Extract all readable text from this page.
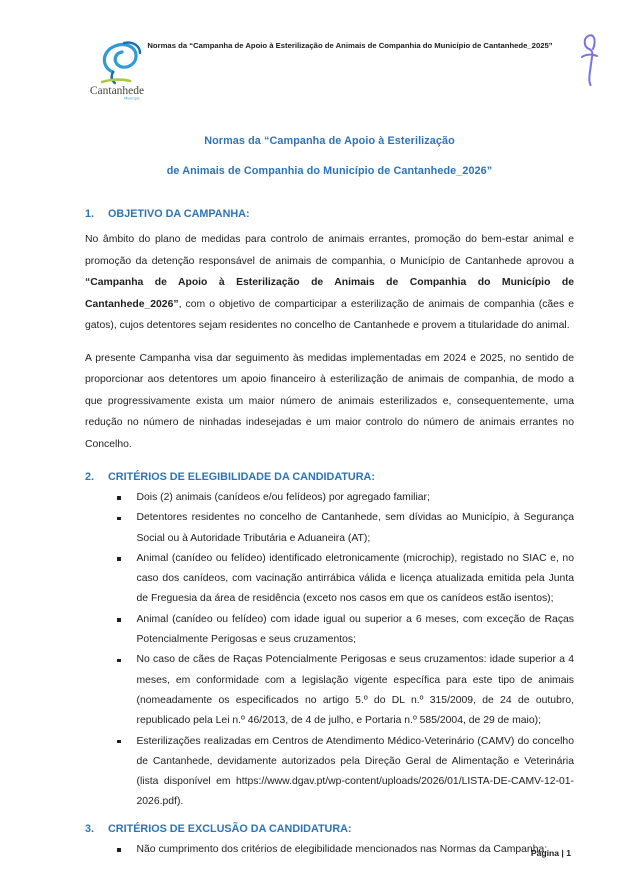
Cantanhede
Município
Normas da “Campanha de Apoio à Esterilização de Animais de Companhia do Município de Cantanhede_2025”
Normas da “Campanha de Apoio à Esterilização
de Animais de Companhia do Município de Cantanhede_2026”
1. OBJETIVO DA CAMPANHA:

No âmbito do plano de medidas para controlo de animais errantes, promoção do bem-estar animal e promoção da detenção responsável de animais de companhia, o Município de Cantanhede aprovou a “Campanha de Apoio à Esterilização de Animais de Companhia do Município de Cantanhede_2026”, com o objetivo de comparticipar a esterilização de animais de companhia (cães e gatos), cujos detentores sejam residentes no concelho de Cantanhede e provem a titularidade do animal.

A presente Campanha visa dar seguimento às medidas implementadas em 2024 e 2025, no sentido de proporcionar aos detentores um apoio financeiro à esterilização de animais de companhia, de modo a que progressivamente exista um maior número de animais esterilizados e, consequentemente, uma redução no número de ninhadas indesejadas e um maior controlo do número de animais errantes no Concelho.

2. CRITÉRIOS DE ELEGIBILIDADE DA CANDIDATURA:
Dois (2) animais (canídeos e/ou felídeos) por agregado familiar;
Detentores residentes no concelho de Cantanhede, sem dívidas ao Município, à Segurança Social ou à Autoridade Tributária e Aduaneira (AT);
Animal (canídeo ou felídeo) identificado eletronicamente (microchip), registado no SIAC e, no caso dos canídeos, com vacinação antirrábica válida e licença atualizada emitida pela Junta de Freguesia da área de residência (exceto nos casos em que os canídeos estão isentos);
Animal (canídeo ou felídeo) com idade igual ou superior a 6 meses, com exceção de Raças Potencialmente Perigosas e seus cruzamentos;
No caso de cães de Raças Potencialmente Perigosas e seus cruzamentos: idade superior a 4 meses, em conformidade com a legislação vigente específica para este tipo de animais (nomeadamente os especificados no artigo 5.º do DL n.º 315/2009, de 24 de outubro, republicado pela Lei n.º 46/2013, de 4 de julho, e Portaria n.º 585/2004, de 29 de maio);
Esterilizações realizadas em Centros de Atendimento Médico-Veterinário (CAMV) do concelho de Cantanhede, devidamente autorizados pela Direção Geral de Alimentação e Veterinária (lista disponível em https://www.dgav.pt/wp-content/uploads/2026/01/LISTA-DE-CAMV-12-01-2026.pdf).
3. CRITÉRIOS DE EXCLUSÃO DA CANDIDATURA:
Não cumprimento dos critérios de elegibilidade mencionados nas Normas da Campanha;
Página | 1
